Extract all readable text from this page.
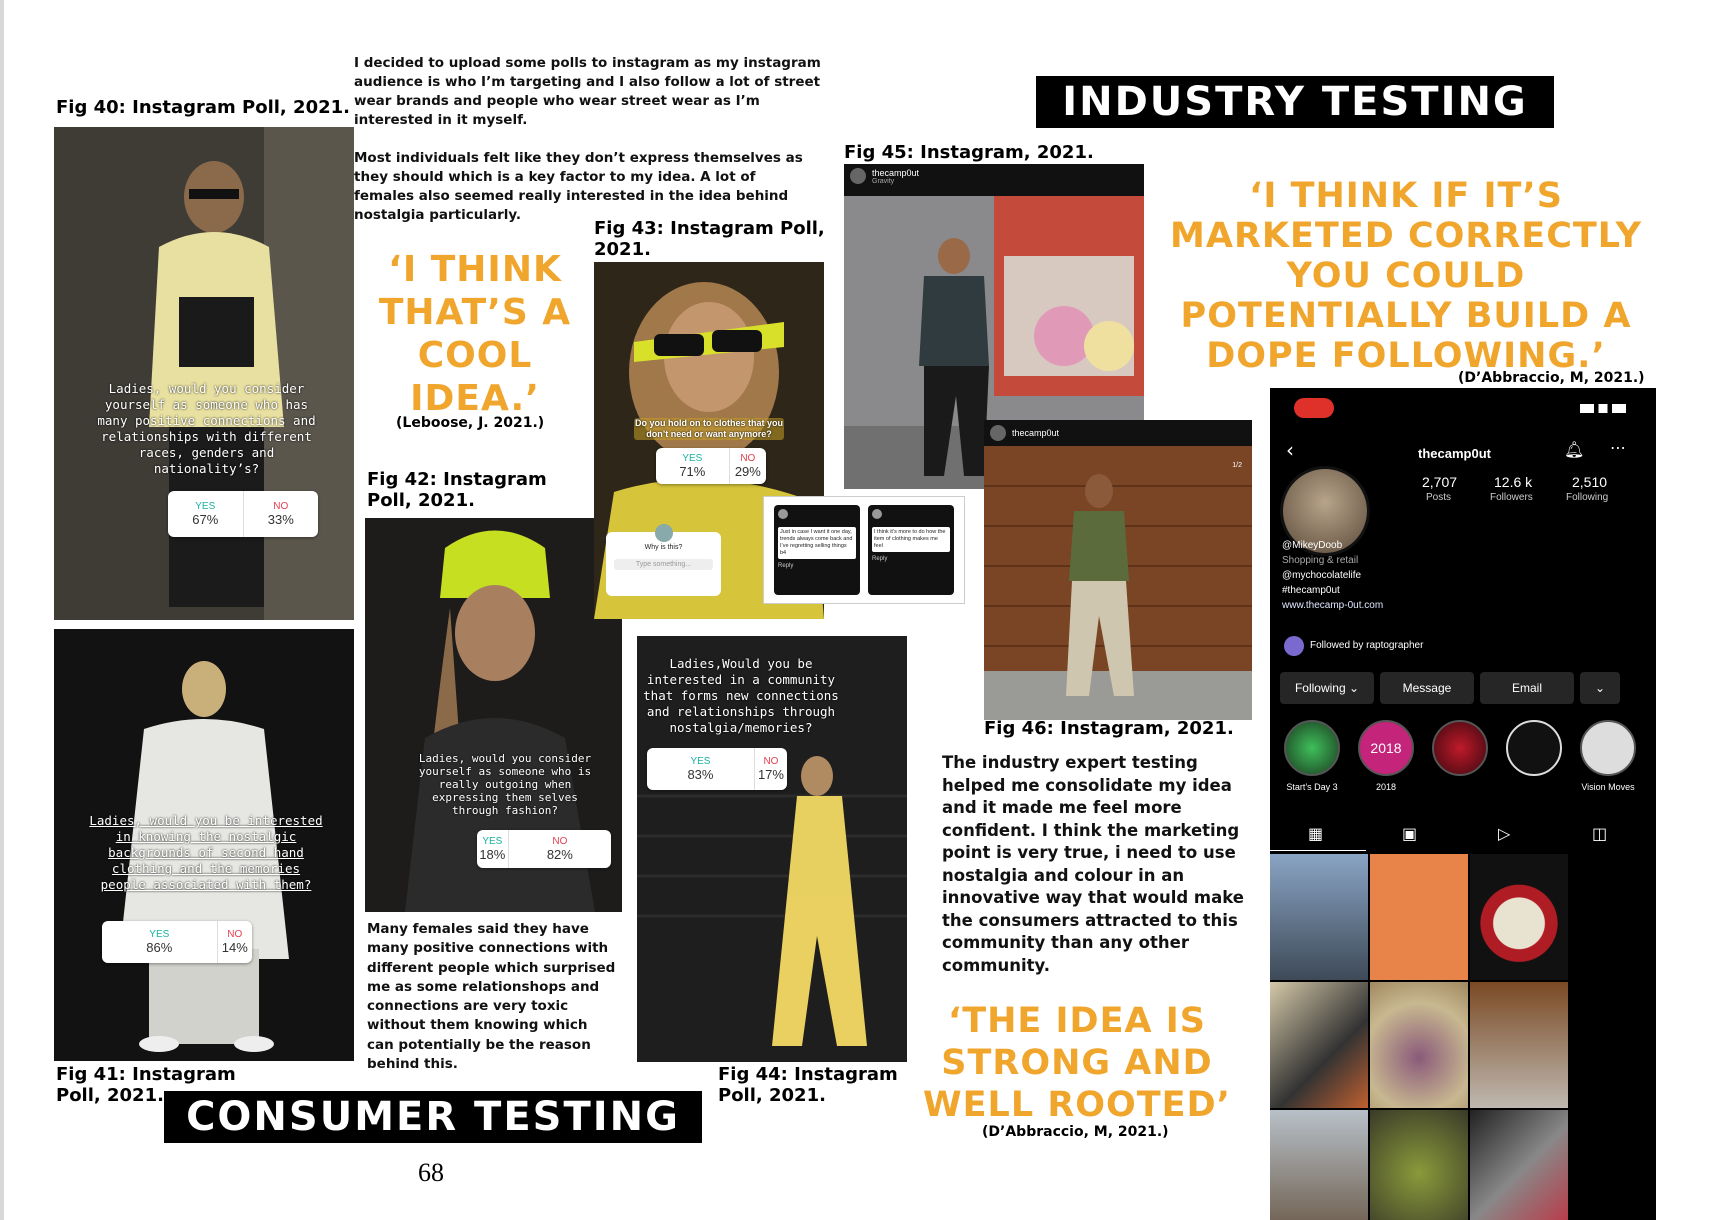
I decided to upload some polls to instagram as my instagram audience is who I’m targeting and I also follow a lot of street wear brands and people who wear street wear as I’m interested in it myself.
Most individuals felt like they don’t express themselves as they should which is a key factor to my idea. A lot of females also seemed really interested in the idea behind nostalgia particularly.
Fig 40: Instagram Poll, 2021.
Ladies, would you consider yourself as someone who has many positive connections and relationships with different races, genders and nationality’s?
YES
67%
NO
33%
Ladies, would you be interested in knowing the nostalgic backgrounds of second hand clothing and the memories people associated with them?
YES
86%
NO
14%
Fig 41: Instagram Poll, 2021.
‘I THINK THAT’S A COOL IDEA.’
(Leboose, J. 2021.)
Fig 42: Instagram Poll, 2021.
Ladies, would you consider yourself as someone who is really outgoing when expressing them selves through fashion?
YES
18%
NO
82%
Many females said they have many positive connections with different people which surprised me as some relationshops and connections are very toxic without them knowing which can potentially be the reason behind this.
Fig 43: Instagram Poll, 2021.
Do you hold on to clothes that you don’t need or want anymore?
YES
71%
NO
29%
Why is this?
Type something...
Just in case I want it one day, trends always come back and I’ve regretting selling things b4
Reply
I think it’s more to do how the item of clothing makes me feel
Reply
Ladies,Would you be interested in a community that forms new connections and relationships through nostalgia/memories?
YES
83%
NO
17%
Fig 44: Instagram Poll, 2021.
CONSUMER TESTING
68
INDUSTRY TESTING
Fig 45: Instagram, 2021.
thecamp0ut
Gravity	‘I THINK IF IT’S MARKETED CORRECTLY YOU COULD POTENTIALLY BUILD A DOPE FOLLOWING.’
(D’Abbraccio, M, 2021.)
thecamp0ut
1/2
Fig 46: Instagram, 2021.
The industry expert testing helped me consolidate my idea and it made me feel more confident. I think the marketing point is very true, i need to use nostalgia and colour in an innovative way that would make the consumers attracted to this community than any other community.
‘THE IDEA IS STRONG AND WELL ROOTED’
(D’Abbraccio, M, 2021.)
‹	thecamp0ut	🔔︎ ⋯
2,707
Posts
12.6 k
Followers
2,510
Following
@MikeyDoob
Shopping & retail
@mychocolatelife
#thecamp0ut
www.thecamp-0ut.com
Followed by raptographer
Following ⌄	Message	Email	⌄
2018
Start’s Day 3	2018	Vision Moves
▦	▣	▷	◫
